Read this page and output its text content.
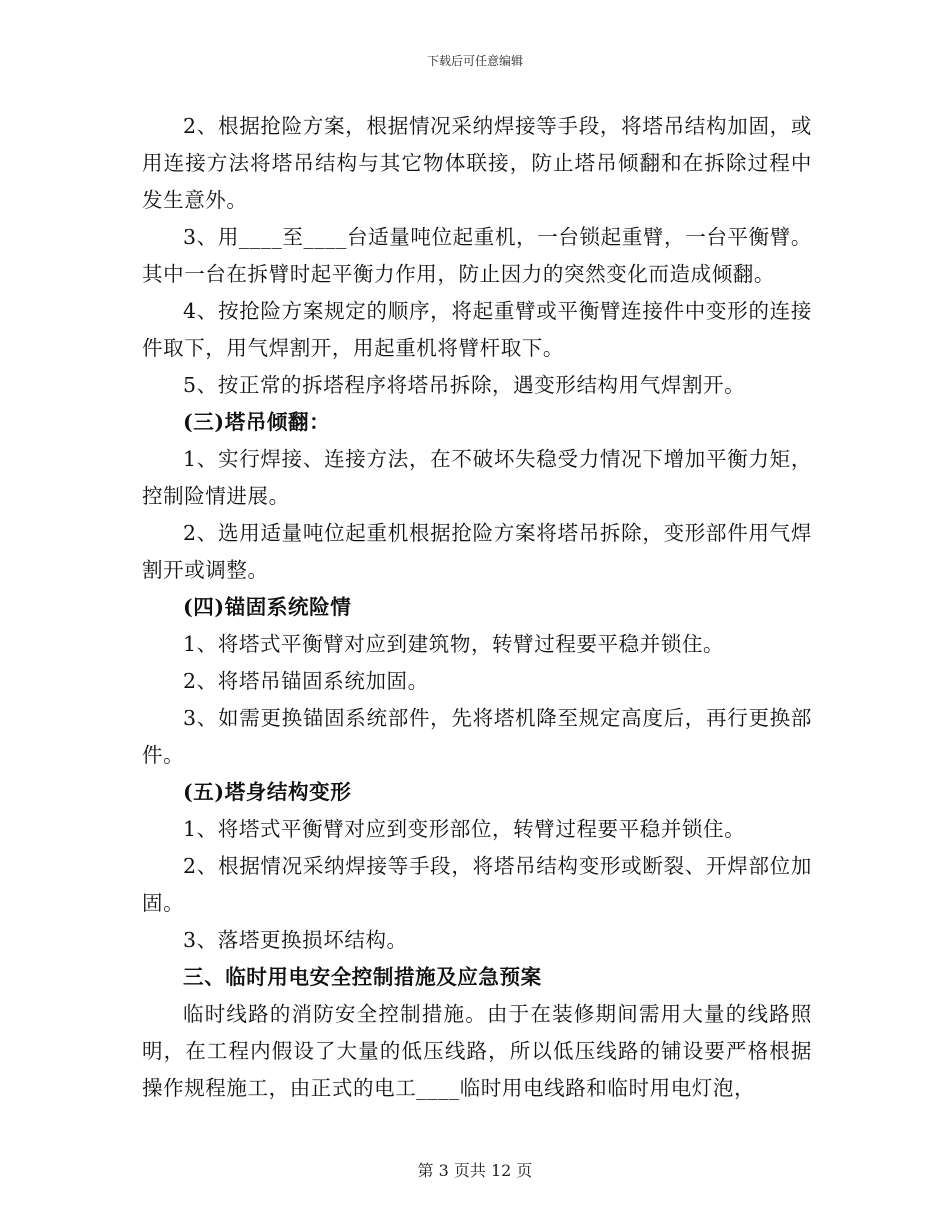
下载后可任意编辑

2、根据抢险方案，根据情况采纳焊接等手段，将塔吊结构加固，或用连接方法将塔吊结构与其它物体联接，防止塔吊倾翻和在拆除过程中发生意外。

3、用____至____台适量吨位起重机，一台锁起重臂，一台平衡臂。其中一台在拆臂时起平衡力作用，防止因力的突然变化而造成倾翻。

4、按抢险方案规定的顺序，将起重臂或平衡臂连接件中变形的连接件取下，用气焊割开，用起重机将臂杆取下。

5、按正常的拆塔程序将塔吊拆除，遇变形结构用气焊割开。

(三)塔吊倾翻：

1、实行焊接、连接方法，在不破坏失稳受力情况下增加平衡力矩，控制险情进展。

2、选用适量吨位起重机根据抢险方案将塔吊拆除，变形部件用气焊割开或调整。

(四)锚固系统险情

1、将塔式平衡臂对应到建筑物，转臂过程要平稳并锁住。

2、将塔吊锚固系统加固。

3、如需更换锚固系统部件，先将塔机降至规定高度后，再行更换部件。

(五)塔身结构变形

1、将塔式平衡臂对应到变形部位，转臂过程要平稳并锁住。

2、根据情况采纳焊接等手段，将塔吊结构变形或断裂、开焊部位加固。

3、落塔更换损坏结构。

三、临时用电安全控制措施及应急预案

临时线路的消防安全控制措施。由于在装修期间需用大量的线路照明，在工程内假设了大量的低压线路，所以低压线路的铺设要严格根据操作规程施工，由正式的电工____临时用电线路和临时用电灯泡，

第 3 页共 12 页
